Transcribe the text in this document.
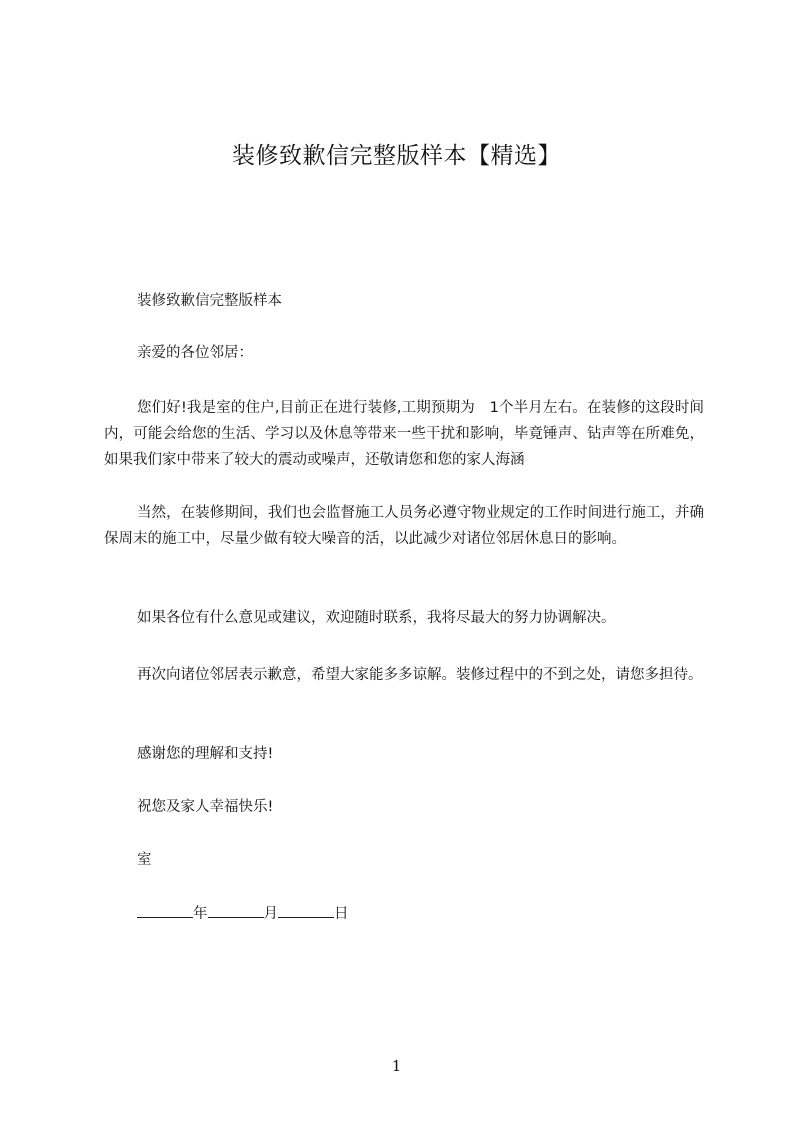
装修致歉信完整版样本【精选】
装修致歉信完整版样本
亲爱的各位邻居：
您们好!我是室的住户,目前正在进行装修,工期预期为　1个半月左右。在装修的这段时间内，可能会给您的生活、学习以及休息等带来一些干扰和影响，毕竟锤声、钻声等在所难免，如果我们家中带来了较大的震动或噪声，还敬请您和您的家人海涵
当然，在装修期间，我们也会监督施工人员务必遵守物业规定的工作时间进行施工，并确保周末的施工中，尽量少做有较大噪音的活，以此减少对诸位邻居休息日的影响。
如果各位有什么意见或建议，欢迎随时联系，我将尽最大的努力协调解决。
再次向诸位邻居表示歉意，希望大家能多多谅解。装修过程中的不到之处，请您多担待。
感谢您的理解和支持!
祝您及家人幸福快乐!
室
年	月	日
1
